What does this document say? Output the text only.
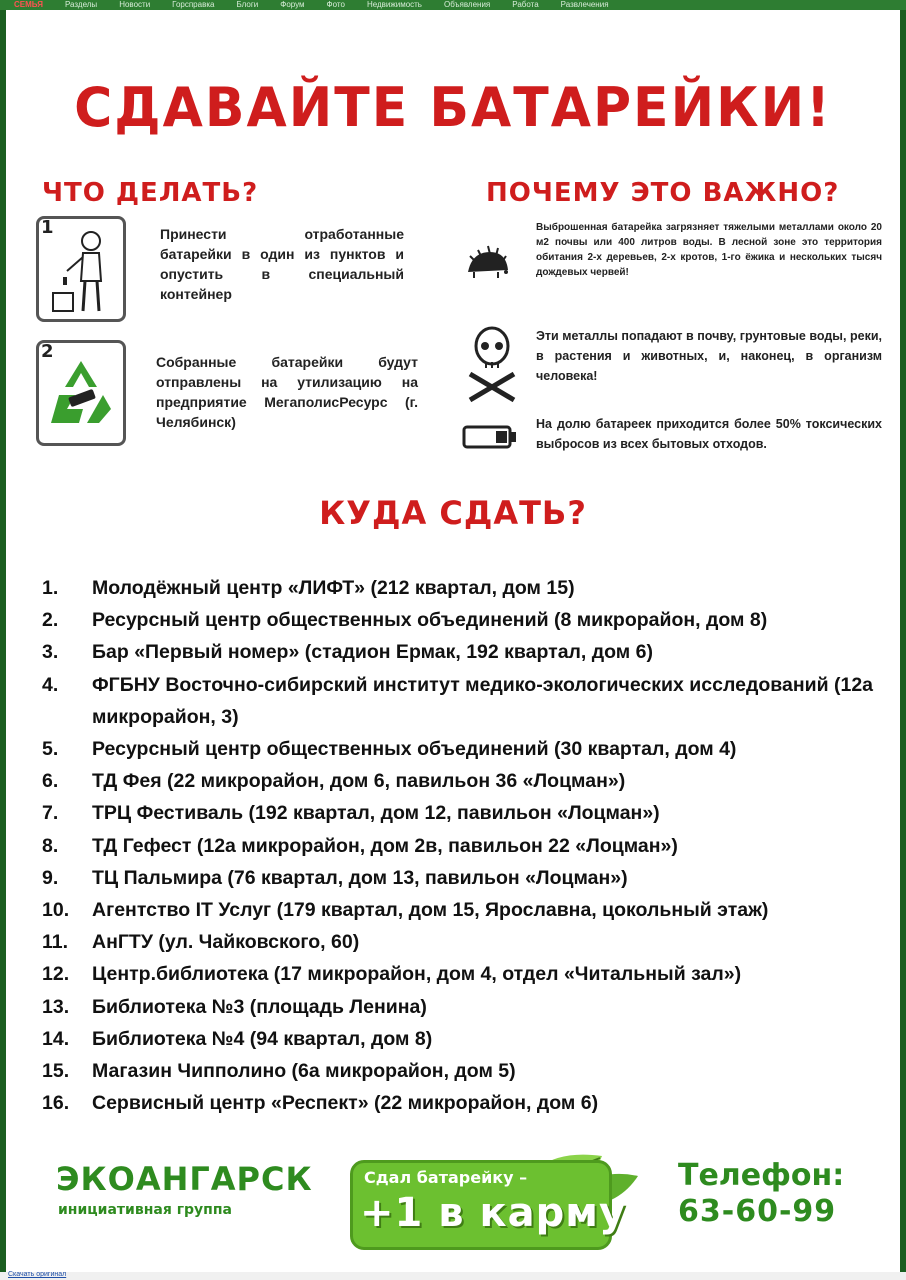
СЕМЬЯ	Разделы	Новости	Горсправка	Блоги	Форум	Фото	Недвижимость	Объявления	Работа	Развлечения
СДАВАЙТЕ БАТАРЕЙКИ!
ЧТО ДЕЛАТЬ?
1	Принести отработанные батарейки в один из пунктов и опустить в специальный контейнер
2	Собранные батарейки будут отправлены на утилизацию на предприятие МегаполисРесурс (г. Челябинск)
ПОЧЕМУ ЭТО ВАЖНО?
Выброшенная батарейка загрязняет тяжелыми металлами около 20 м2 почвы или 400 литров воды. В лесной зоне это территория обитания 2-х деревьев, 2-х кротов, 1-го ёжика и нескольких тысяч дождевых червей!
Эти металлы попадают в почву, грунтовые воды, реки, в растения и животных, и, наконец, в организм человека!
На долю батареек приходится более 50% токсических выбросов из всех бытовых отходов.
КУДА СДАТЬ?
1.	Молодёжный центр «ЛИФТ» (212 квартал, дом 15)
2.	Ресурсный центр общественных объединений (8 микрорайон, дом 8)
3.	Бар «Первый номер» (стадион Ермак, 192 квартал, дом 6)
4.	ФГБНУ Восточно-сибирский институт медико-экологических исследований (12а микрорайон, 3)
5.	Ресурсный центр общественных объединений (30 квартал, дом 4)
6.	ТД Фея (22 микрорайон, дом 6, павильон 36 «Лоцман»)
7.	ТРЦ Фестиваль (192 квартал, дом 12, павильон «Лоцман»)
8.	ТД Гефест (12а микрорайон, дом 2в, павильон 22 «Лоцман»)
9.	ТЦ Пальмира (76 квартал, дом 13, павильон «Лоцман»)
10.	Агентство IT Услуг (179 квартал, дом 15, Ярославна, цокольный этаж)
11.	АнГТУ (ул. Чайковского, 60)
12.	Центр.библиотека (17 микрорайон, дом 4, отдел «Читальный зал»)
13.	Библиотека №3 (площадь Ленина)
14.	Библиотека №4 (94 квартал, дом 8)
15.	Магазин Чипполино (6а микрорайон, дом 5)
16.	Сервисный центр «Респект» (22 микрорайон, дом 6)
ЭКОАНГАРСК
инициативная группа
Сдал батарейку –
+1 в карму
Телефон:
63-60-99
Скачать оригинал
